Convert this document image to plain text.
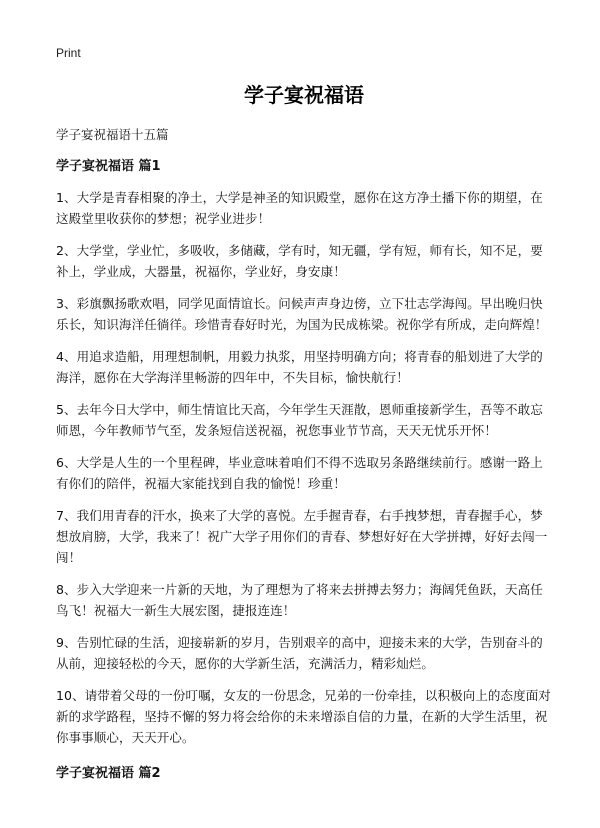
Print
学子宴祝福语
学子宴祝福语十五篇
学子宴祝福语 篇1

1、大学是青春相聚的净土，大学是神圣的知识殿堂，愿你在这方净土播下你的期望，在这殿堂里收获你的梦想；祝学业进步！

2、大学堂，学业忙，多吸收，多储藏，学有时，知无疆，学有短，师有长，知不足，要补上，学业成，大器量，祝福你，学业好，身安康！

3、彩旗飘扬歌欢唱，同学见面情谊长。问候声声身边傍，立下壮志学海闯。早出晚归快乐长，知识海洋任徜徉。珍惜青春好时光，为国为民成栋梁。祝你学有所成，走向辉煌！

4、用追求造船，用理想制帆，用毅力执浆，用坚持明确方向；将青春的船划进了大学的海洋，愿你在大学海洋里畅游的四年中，不失目标，愉快航行！

5、去年今日大学中，师生情谊比天高，今年学生天涯散，恩师重接新学生，吾等不敢忘师恩，今年教师节气至，发条短信送祝福，祝您事业节节高，天天无忧乐开怀！

6、大学是人生的一个里程碑，毕业意味着咱们不得不选取另条路继续前行。感谢一路上有你们的陪伴，祝福大家能找到自我的愉悦！珍重！

7、我们用青春的汗水，换来了大学的喜悦。左手握青春，右手拽梦想，青春握手心，梦想放肩膀，大学，我来了！祝广大学子用你们的青春、梦想好好在大学拼搏，好好去闯一闯！

8、步入大学迎来一片新的天地，为了理想为了将来去拼搏去努力；海阔凭鱼跃，天高任鸟飞！祝福大一新生大展宏图，捷报连连！

9、告别忙碌的生活，迎接崭新的岁月，告别艰辛的高中，迎接未来的大学，告别奋斗的从前，迎接轻松的今天，愿你的大学新生活，充满活力，精彩灿烂。

10、请带着父母的一份叮嘱，女友的一份思念，兄弟的一份牵挂，以积极向上的态度面对新的求学路程，坚持不懈的努力将会给你的未来增添自信的力量，在新的大学生活里，祝你事事顺心，天天开心。

学子宴祝福语 篇2
